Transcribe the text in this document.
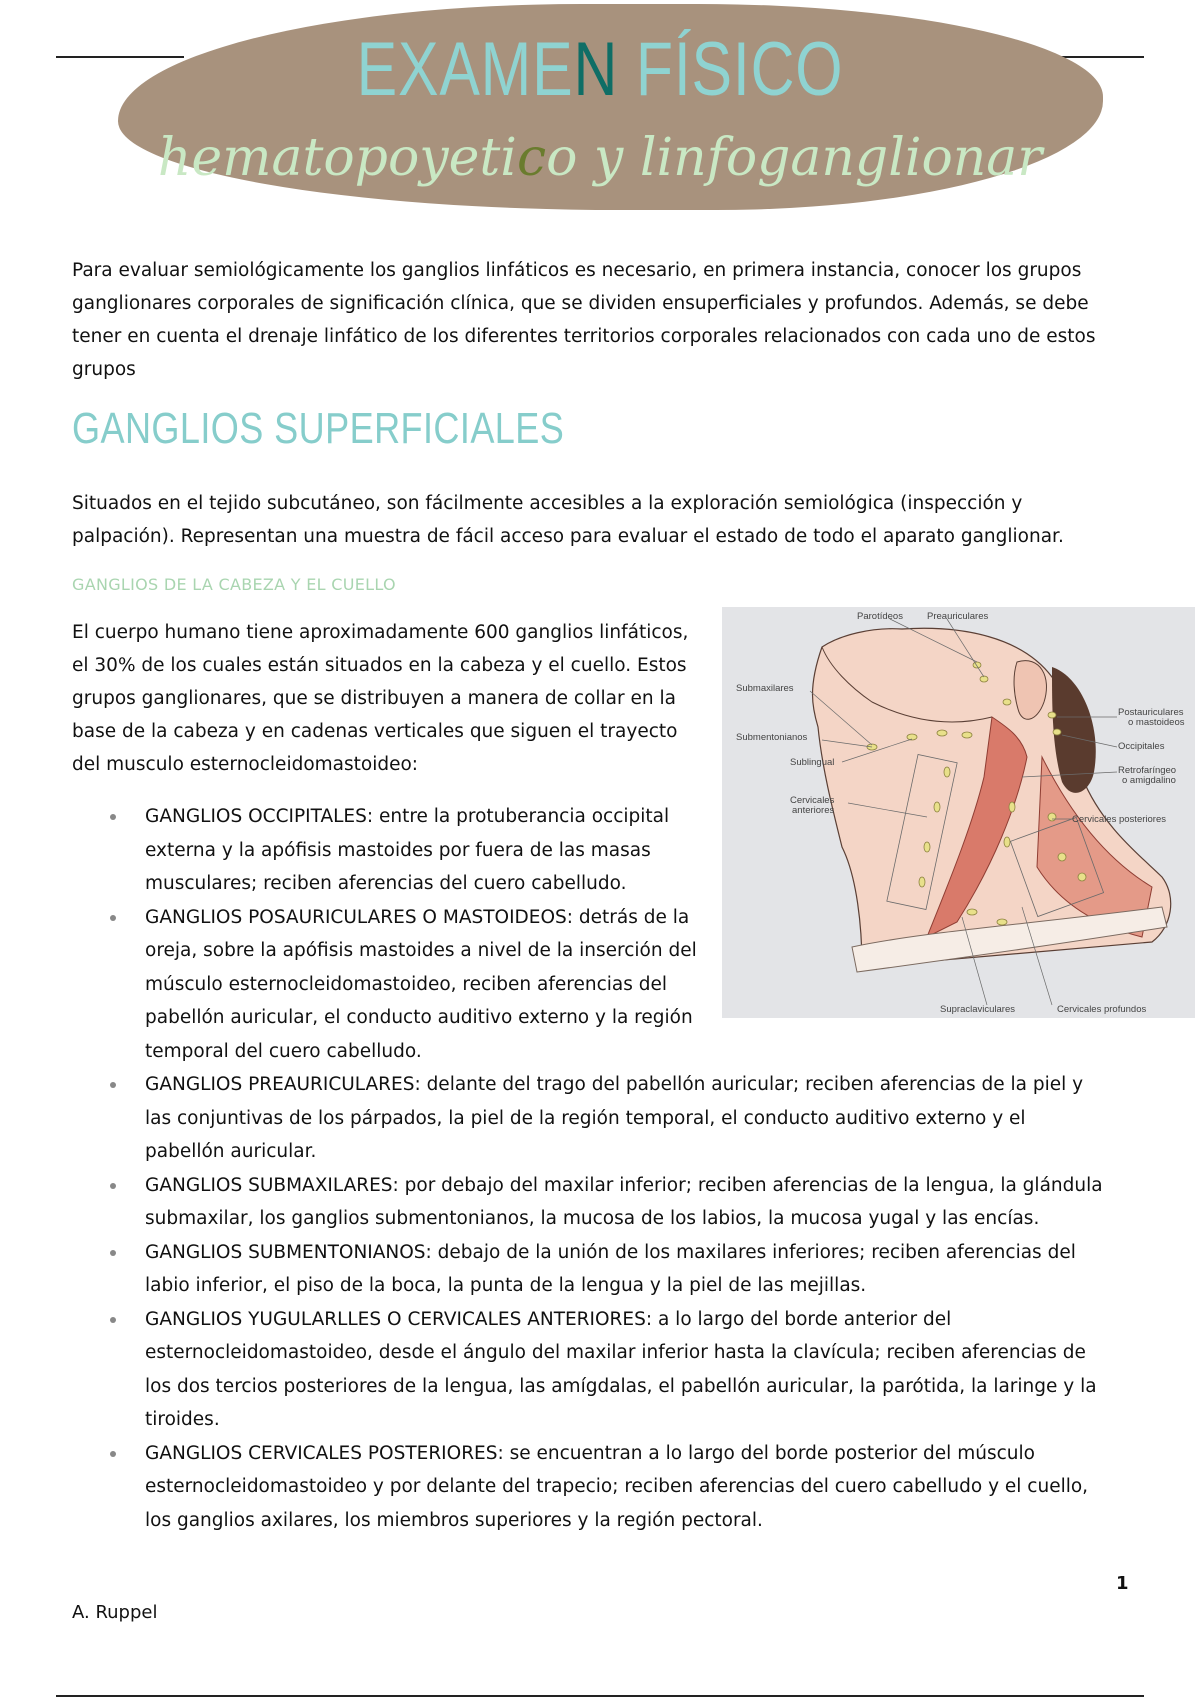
EXAMEN FÍSICO
hematopoyetico y linfoganglionar

Para evaluar semiológicamente los ganglios linfáticos es necesario, en primera instancia, conocer los grupos ganglionares corporales de significación clínica, que se dividen ensuperficiales y profundos. Además, se debe tener en cuenta el drenaje linfático de los diferentes territorios corporales relacionados con cada uno de estos grupos

GANGLIOS SUPERFICIALES

Situados en el tejido subcutáneo, son fácilmente accesibles a la exploración semiológica (inspección y palpación). Representan una muestra de fácil acceso para evaluar el estado de todo el aparato ganglionar.

GANGLIOS DE LA CABEZA Y EL CUELLO

El cuerpo humano tiene aproximadamente 600 ganglios linfáticos, el 30% de los cuales están situados en la cabeza y el cuello. Estos grupos ganglionares, que se distribuyen a manera de collar en la base de la cabeza y en cadenas verticales que siguen el trayecto del musculo esternocleidomastoideo:

GANGLIOS OCCIPITALES: entre la protuberancia occipital externa y la apófisis mastoides por fuera de las masas musculares; reciben aferencias del cuero cabelludo.
GANGLIOS POSAURICULARES O MASTOIDEOS: detrás de la oreja, sobre la apófisis mastoides a nivel de la inserción del músculo esternocleidomastoideo, reciben aferencias del pabellón auricular, el conducto auditivo externo y la región temporal del cuero cabelludo.
GANGLIOS PREAURICULARES: delante del trago del pabellón auricular; reciben aferencias de la piel y las conjuntivas de los párpados, la piel de la región temporal, el conducto auditivo externo y el pabellón auricular.
GANGLIOS SUBMAXILARES: por debajo del maxilar inferior; reciben aferencias de la lengua, la glándula submaxilar, los ganglios submentonianos, la mucosa de los labios, la mucosa yugal y las encías.
GANGLIOS SUBMENTONIANOS: debajo de la unión de los maxilares inferiores; reciben aferencias del labio inferior, el piso de la boca, la punta de la lengua y la piel de las mejillas.
GANGLIOS YUGULARLLES O CERVICALES ANTERIORES: a lo largo del borde anterior del esternocleidomastoideo, desde el ángulo del maxilar inferior hasta la clavícula; reciben aferencias de los dos tercios posteriores de la lengua, las amígdalas, el pabellón auricular, la parótida, la laringe y la tiroides.
GANGLIOS CERVICALES POSTERIORES: se encuentran a lo largo del borde posterior del músculo esternocleidomastoideo y por delante del trapecio; reciben aferencias del cuero cabelludo y el cuello, los ganglios axilares, los miembros superiores y la región pectoral.
Parotídeos	Preauriculares
Submaxilares
Postauriculares
o mastoideos
Submentonianos
Occipitales
Sublingual
Retrofaríngeo
o amigdalino
Cervicales
anteriores
Cervicales posteriores
Supraclaviculares	Cervicales profundos
1
A. Ruppel
